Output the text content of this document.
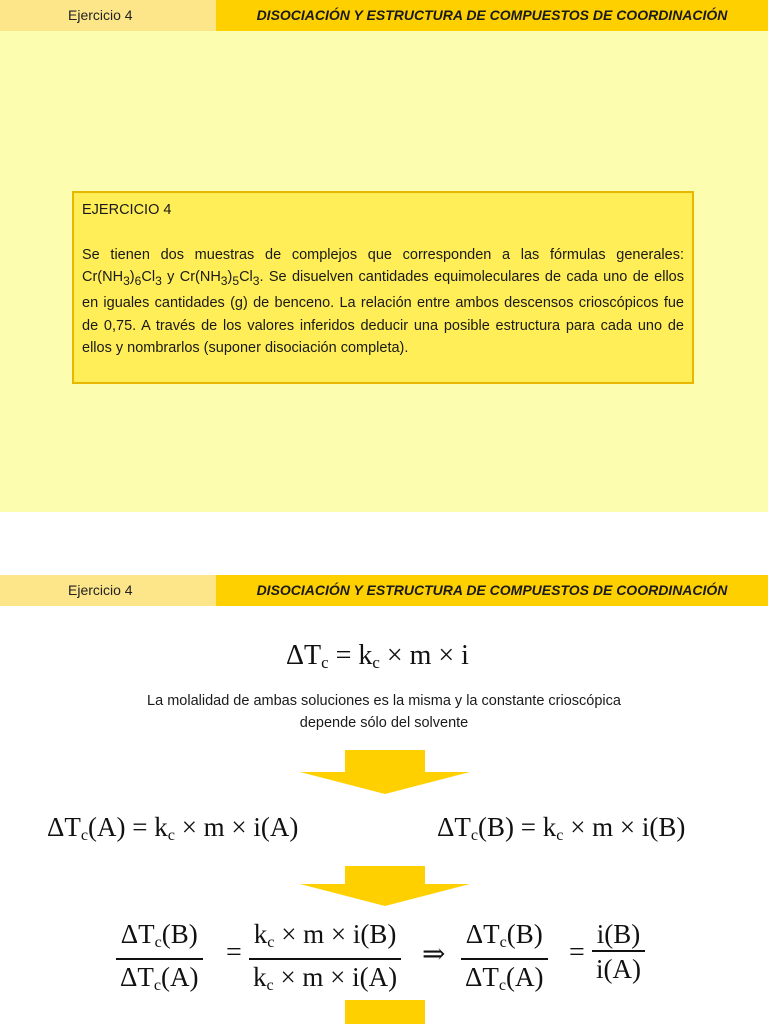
Ejercicio 4	DISOCIACIÓN Y ESTRUCTURA DE COMPUESTOS DE COORDINACIÓN
EJERCICIO 4
Se tienen dos muestras de complejos que corresponden a las fórmulas generales: $Cr(NH_3)_6Cl_3$ y $Cr(NH_3)_5Cl_3$. Se disuelven cantidades equimoleculares de cada uno de ellos en iguales cantidades (g) de benceno. La relación entre ambos descensos crioscópicos fue de 0,75. A través de los valores inferidos deducir una posible estructura para cada uno de ellos y nombrarlos (suponer disociación completa).
Ejercicio 4	DISOCIACIÓN Y ESTRUCTURA DE COMPUESTOS DE COORDINACIÓN
$\Delta T_c = k_c \times m \times i$
La molalidad de ambas soluciones es la misma y la constante crioscópica depende sólo del solvente
$\Delta T_c(A) = k_c \times m \times i(A)$	$\Delta T_c(B) = k_c \times m \times i(B)$
$\Delta T_c(B)$
$\Delta T_c(A)$
= $\frac{k_c \times m \times i(B)}{k_c \times m \times i(A)}$ ⇒
$\Delta T_c(B)$
$\Delta T_c(A)$
= $\frac{i(B)}{i(A)}$
